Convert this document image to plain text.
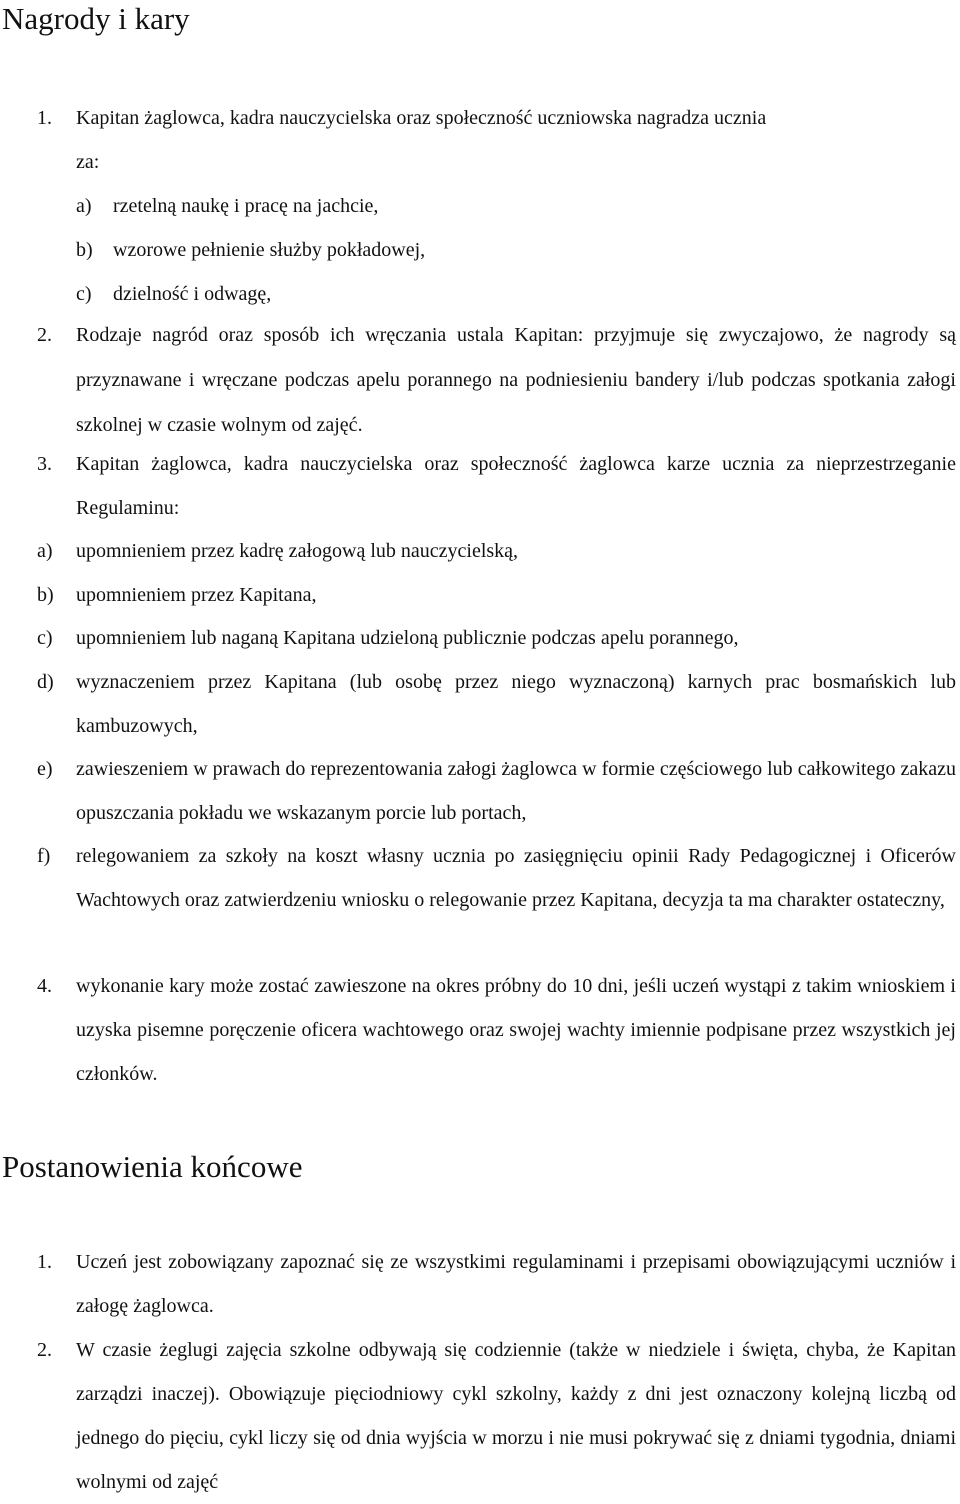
Nagrody i kary
1. Kapitan żaglowca, kadra nauczycielska oraz społeczność uczniowska nagradza ucznia
za:
a) rzetelną naukę i pracę na jachcie,
b) wzorowe pełnienie służby pokładowej,
c) dzielność i odwagę,
2. Rodzaje nagród oraz sposób ich wręczania ustala Kapitan: przyjmuje się zwyczajowo, że nagrody są przyznawane i wręczane podczas apelu porannego na podniesieniu bandery i/lub podczas spotkania załogi szkolnej w czasie wolnym od zajęć.
3. Kapitan żaglowca, kadra nauczycielska oraz społeczność żaglowca karze ucznia za nieprzestrzeganie Regulaminu:
a) upomnieniem przez kadrę załogową lub nauczycielską,
b) upomnieniem przez Kapitana,
c) upomnieniem lub naganą Kapitana udzieloną publicznie podczas apelu porannego,
d) wyznaczeniem przez Kapitana (lub osobę przez niego wyznaczoną) karnych prac bosmańskich lub kambuzowych,
e) zawieszeniem w prawach do reprezentowania załogi żaglowca w formie częściowego lub całkowitego zakazu opuszczania pokładu we wskazanym porcie lub portach,
f) relegowaniem za szkoły na koszt własny ucznia po zasięgnięciu opinii Rady Pedagogicznej i Oficerów Wachtowych oraz zatwierdzeniu wniosku o relegowanie przez Kapitana, decyzja ta ma charakter ostateczny,
4. wykonanie kary może zostać zawieszone na okres próbny do 10 dni, jeśli uczeń wystąpi z takim wnioskiem i uzyska pisemne poręczenie oficera wachtowego oraz swojej wachty imiennie podpisane przez wszystkich jej członków.
Postanowienia końcowe
1. Uczeń jest zobowiązany zapoznać się ze wszystkimi regulaminami i przepisami obowiązującymi uczniów i załogę żaglowca.
2. W czasie żeglugi zajęcia szkolne odbywają się codziennie (także w niedziele i święta, chyba, że Kapitan zarządzi inaczej). Obowiązuje pięciodniowy cykl szkolny, każdy z dni jest oznaczony kolejną liczbą od jednego do pięciu, cykl liczy się od dnia wyjścia w morzu i nie musi pokrywać się z dniami tygodnia, dniami wolnymi od zajęć
